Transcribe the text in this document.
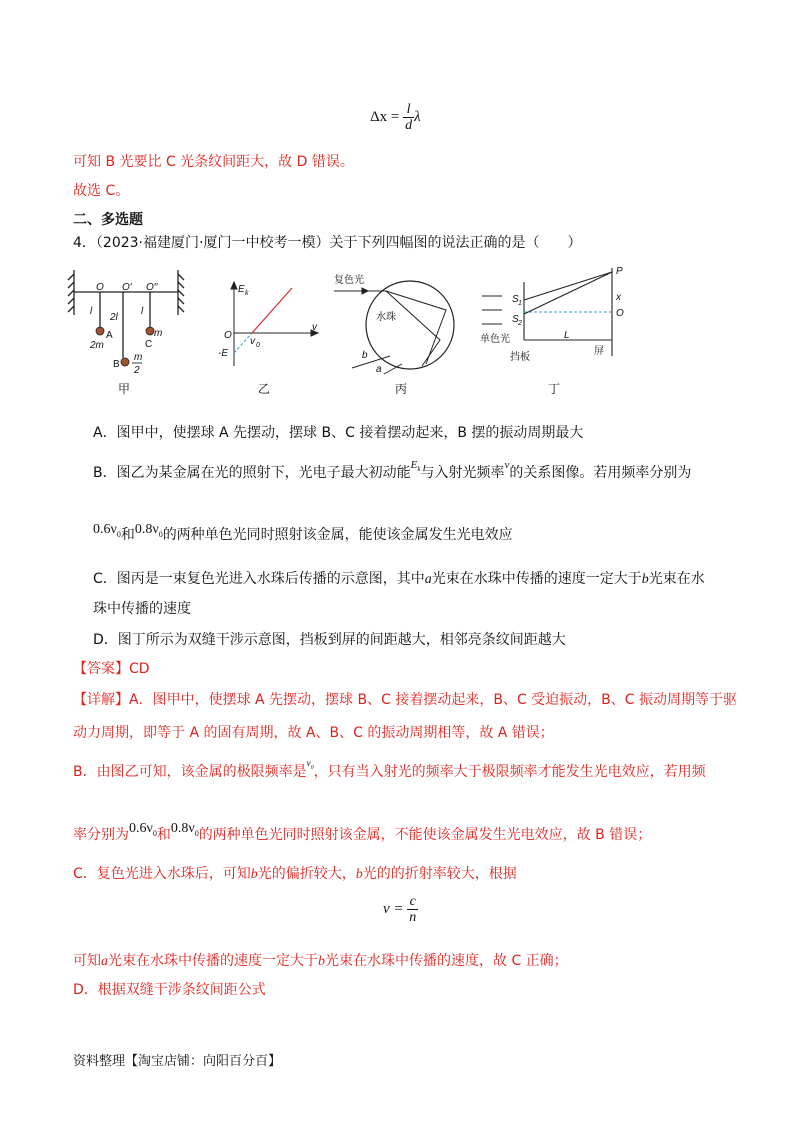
$\Delta x = \frac{l}{d}$ λ
可知 B 光要比 C 光条纹间距大，故 D 错误。
故选 C。
二、多选题
4．（2023·福建厦门·厦门一中校考一模）关于下列四幅图的说法正确的是（　　）
O O′ O′′
l
2l
l
2m
m
m
2
A
C
B
甲
E k
O
v 0
v
-E
乙
复色光
水珠
b
a
丙
S 1
S 2
P
x
O
L
单色光
挡板
屏
丁
A．图甲中，使摆球 A 先摆动，摆球 B、C 接着摆动起来，B 摆的振动周期最大
B．图乙为某金属在光的照射下，光电子最大初动能$^{E_k}$与入射光频率$^\nu$的关系图像。若用频率分别为
$0.6\nu_0$和$0.8\nu_0$的两种单色光同时照射该金属，能使该金属发生光电效应
C．图丙是一束复色光进入水珠后传播的示意图，其中a光束在水珠中传播的速度一定大于b光束在水
珠中传播的速度
D．图丁所示为双缝干涉示意图，挡板到屏的间距越大，相邻亮条纹间距越大
【答案】CD
【详解】A．图甲中，使摆球 A 先摆动，摆球 B、C 接着摆动起来，B、C 受迫振动，B、C 振动周期等于驱
动力周期，即等于 A 的固有周期，故 A、B、C 的振动周期相等，故 A 错误；
B．由图乙可知，该金属的极限频率是$^{\nu_0}$，只有当入射光的频率大于极限频率才能发生光电效应，若用频
率分别为$0.6\nu_0$和$0.8\nu_0$的两种单色光同时照射该金属，不能使该金属发生光电效应，故 B 错误；
C．复色光进入水珠后，可知b光的偏折较大，b光的的折射率较大，根据
$v = \frac{c}{n}$
可知a光束在水珠中传播的速度一定大于b光束在水珠中传播的速度，故 C 正确；
D．根据双缝干涉条纹间距公式
资料整理【淘宝店铺：向阳百分百】
